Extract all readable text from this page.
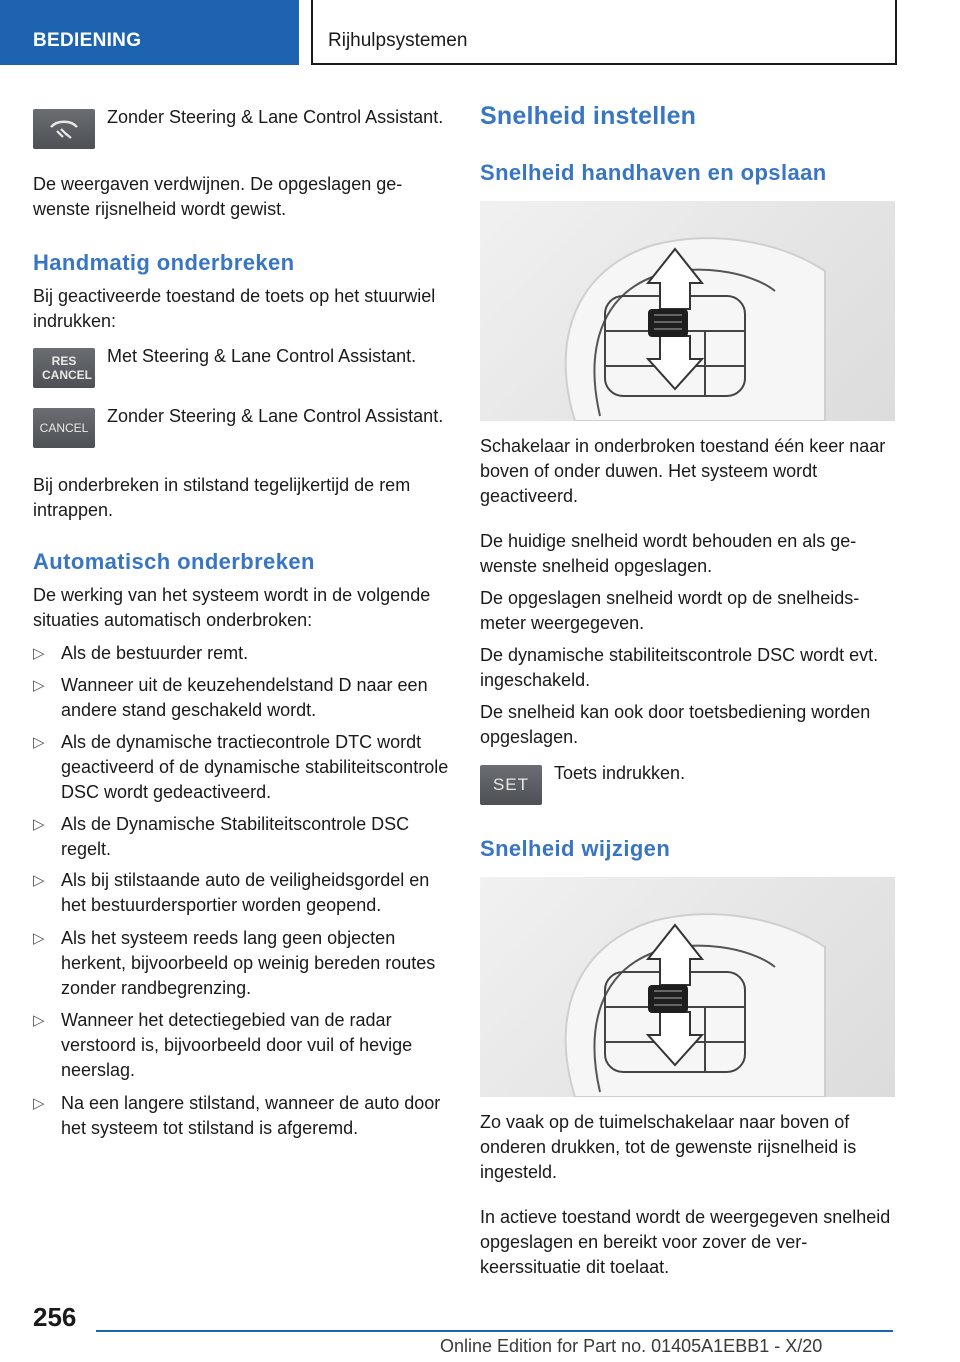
BEDIENING	Rijhulpsystemen

Zonder Steering & Lane Control Assistant.

De weergaven verdwijnen. De opgeslagen gewenste rijsnelheid wordt gewist.

Handmatig onderbreken

Bij geactiveerde toestand de toets op het stuurwiel indrukken:

RES CANCEL

Met Steering & Lane Control Assistant.

CANCEL

Zonder Steering & Lane Control Assistant.

Bij onderbreken in stilstand tegelijkertijd de rem intrappen.

Automatisch onderbreken

De werking van het systeem wordt in de volgende situaties automatisch onderbroken:

▷ Als de bestuurder remt.
▷ Wanneer uit de keuzehendelstand D naar een andere stand geschakeld wordt.
▷ Als de dynamische tractiecontrole DTC wordt geactiveerd of de dynamische stabiliteitscontrole DSC wordt gedeactiveerd.
▷ Als de Dynamische Stabiliteitscontrole DSC regelt.
▷ Als bij stilstaande auto de veiligheidsgordel en het bestuurdersportier worden geopend.
▷ Als het systeem reeds lang geen objecten herkent, bijvoorbeeld op weinig bereden routes zonder randbegrenzing.
▷ Wanneer het detectiegebied van de radar verstoord is, bijvoorbeeld door vuil of hevige neerslag.
▷ Na een langere stilstand, wanneer de auto door het systeem tot stilstand is afgeremd.
Snelheid instellen
Snelheid handhaven en opslaan

Schakelaar in onderbroken toestand één keer naar boven of onder duwen. Het systeem wordt geactiveerd.

De huidige snelheid wordt behouden en als gewenste snelheid opgeslagen.

De opgeslagen snelheid wordt op de snelheidsmeter weergegeven.

De dynamische stabiliteitscontrole DSC wordt evt. ingeschakeld.

De snelheid kan ook door toetsbediening worden opgeslagen.

SET

Toets indrukken.

Snelheid wijzigen

Zo vaak op de tuimelschakelaar naar boven of onderen drukken, tot de gewenste rijsnelheid is ingesteld.

In actieve toestand wordt de weergegeven snelheid opgeslagen en bereikt voor zover de verkeerssituatie dit toelaat.

256
Online Edition for Part no. 01405A1EBB1 - X/20
